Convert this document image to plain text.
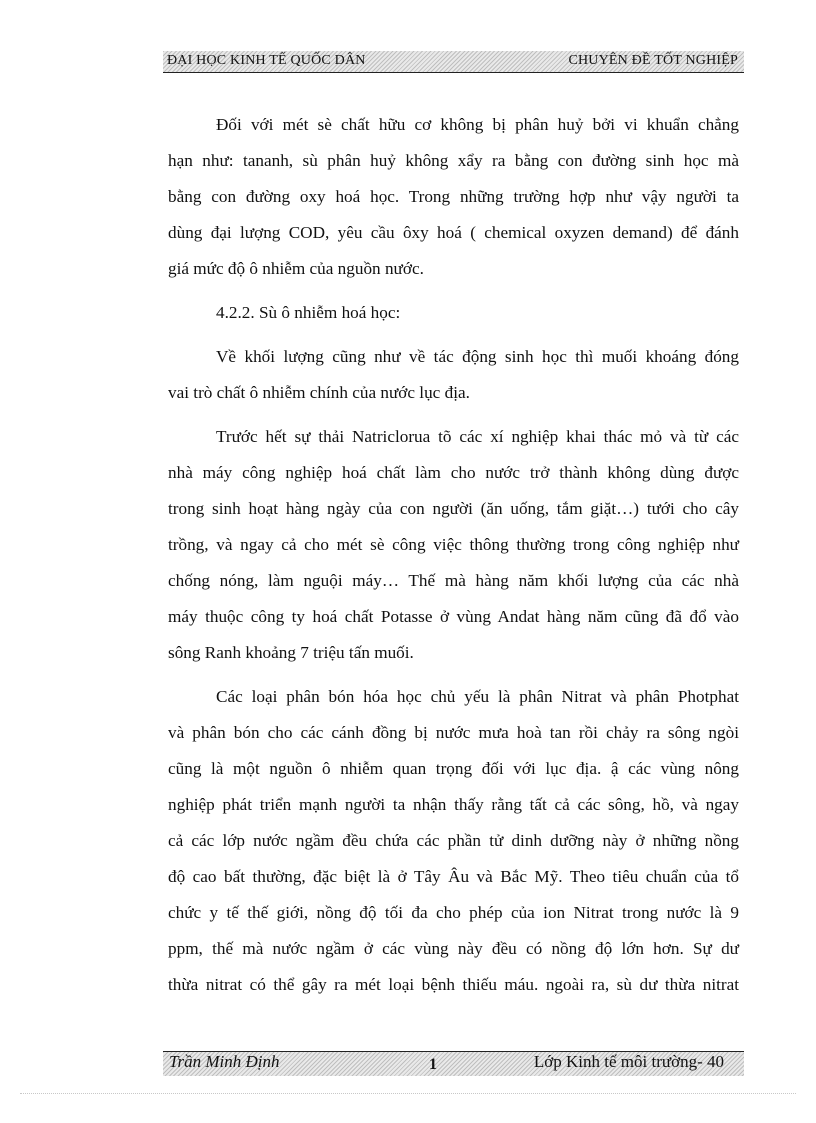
ĐẠI HỌC KINH TẾ QUỐC DÂN	CHUYÊN ĐỀ TỐT NGHIỆP

Đối với mét sè chất hữu cơ không bị phân huỷ bởi vi khuẩn chẳng

hạn như: tananh, sù phân huỷ không xẩy ra bằng con đường sinh học mà

bằng con đường oxy hoá học. Trong những trường hợp như vậy người ta

dùng đại lượng COD, yêu cầu ôxy hoá ( chemical oxyzen demand) để đánh

giá mức độ ô nhiễm của nguồn nước.

4.2.2. Sù ô nhiễm hoá học:

Về khối lượng cũng như về tác động sinh học thì muối khoáng đóng

vai trò chất ô nhiễm chính của nước lục địa.

Trước hết sự thải Natriclorua tõ các xí nghiệp khai thác mỏ và từ các

nhà máy công nghiệp hoá chất làm cho nước trở thành không dùng được

trong sinh hoạt hàng ngày của con người (ăn uống, tắm giặt…) tưới cho cây

trồng, và ngay cả cho mét sè công việc thông thường trong công nghiệp như

chống nóng, làm nguội máy… Thế mà hàng năm khối lượng của các nhà

máy thuộc công ty hoá chất Potasse ở vùng Andat hàng năm cũng đã đổ vào

sông Ranh khoảng 7 triệu tấn muối.

Các loại phân bón hóa học chủ yếu là phân Nitrat và phân Photphat

và phân bón cho các cánh đồng bị nước mưa hoà tan rồi chảy ra sông ngòi

cũng là một nguồn ô nhiễm quan trọng đối với lục địa. ậ các vùng nông

nghiệp phát triển mạnh người ta nhận thấy rằng tất cả các sông, hồ, và ngay

cả các lớp nước ngầm đều chứa các phần tử dinh dưỡng này ở những nồng

độ cao bất thường, đặc biệt là ở Tây Âu và Bắc Mỹ. Theo tiêu chuẩn của tổ

chức y tế thế giới, nồng độ tối đa cho phép của ion Nitrat trong nước là 9

ppm, thế mà nước ngầm ở các vùng này đều có nồng độ lớn hơn. Sự dư

thừa nitrat có thể gây ra mét loại bệnh thiếu máu. ngoài ra, sù dư thừa nitrat

Trần Minh Định	1	Lớp Kinh tế môi trường- 40
